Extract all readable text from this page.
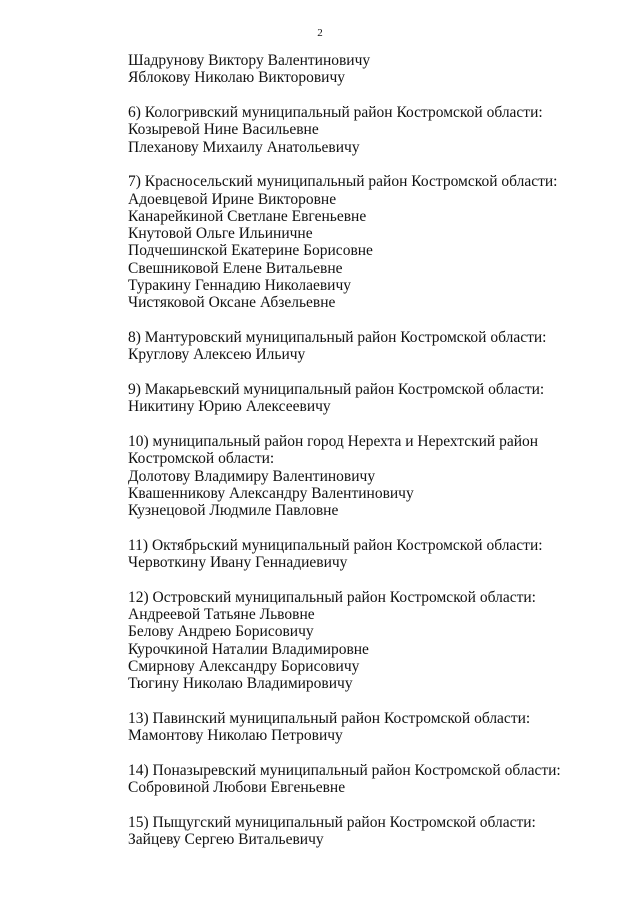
2
Шадрунову Виктору Валентиновичу
Яблокову Николаю Викторовичу
6) Кологривский муниципальный район Костромской области:
Козыревой Нине Васильевне
Плеханову Михаилу Анатольевичу
7) Красносельский муниципальный район Костромской области:
Адоевцевой Ирине Викторовне
Канарейкиной Светлане Евгеньевне
Кнутовой Ольге Ильиничне
Подчешинской Екатерине Борисовне
Свешниковой Елене Витальевне
Туракину Геннадию Николаевичу
Чистяковой Оксане Абзельевне
8) Мантуровский муниципальный район Костромской области:
Круглову Алексею Ильичу
9) Макарьевский муниципальный район Костромской области:
Никитину Юрию Алексеевичу
10) муниципальный район город Нерехта и Нерехтский район
Костромской области:
Долотову Владимиру Валентиновичу
Квашенникову Александру Валентиновичу
Кузнецовой Людмиле Павловне
11) Октябрьский муниципальный район Костромской области:
Червоткину Ивану Геннадиевичу
12) Островский муниципальный район Костромской области:
Андреевой Татьяне Львовне
Белову Андрею Борисовичу
Курочкиной Наталии Владимировне
Смирнову Александру Борисовичу
Тюгину Николаю Владимировичу
13) Павинский муниципальный район Костромской области:
Мамонтову Николаю Петровичу
14) Поназыревский муниципальный район Костромской области:
Собровиной Любови Евгеньевне
15) Пыщугский муниципальный район Костромской области:
Зайцеву Сергею Витальевичу
